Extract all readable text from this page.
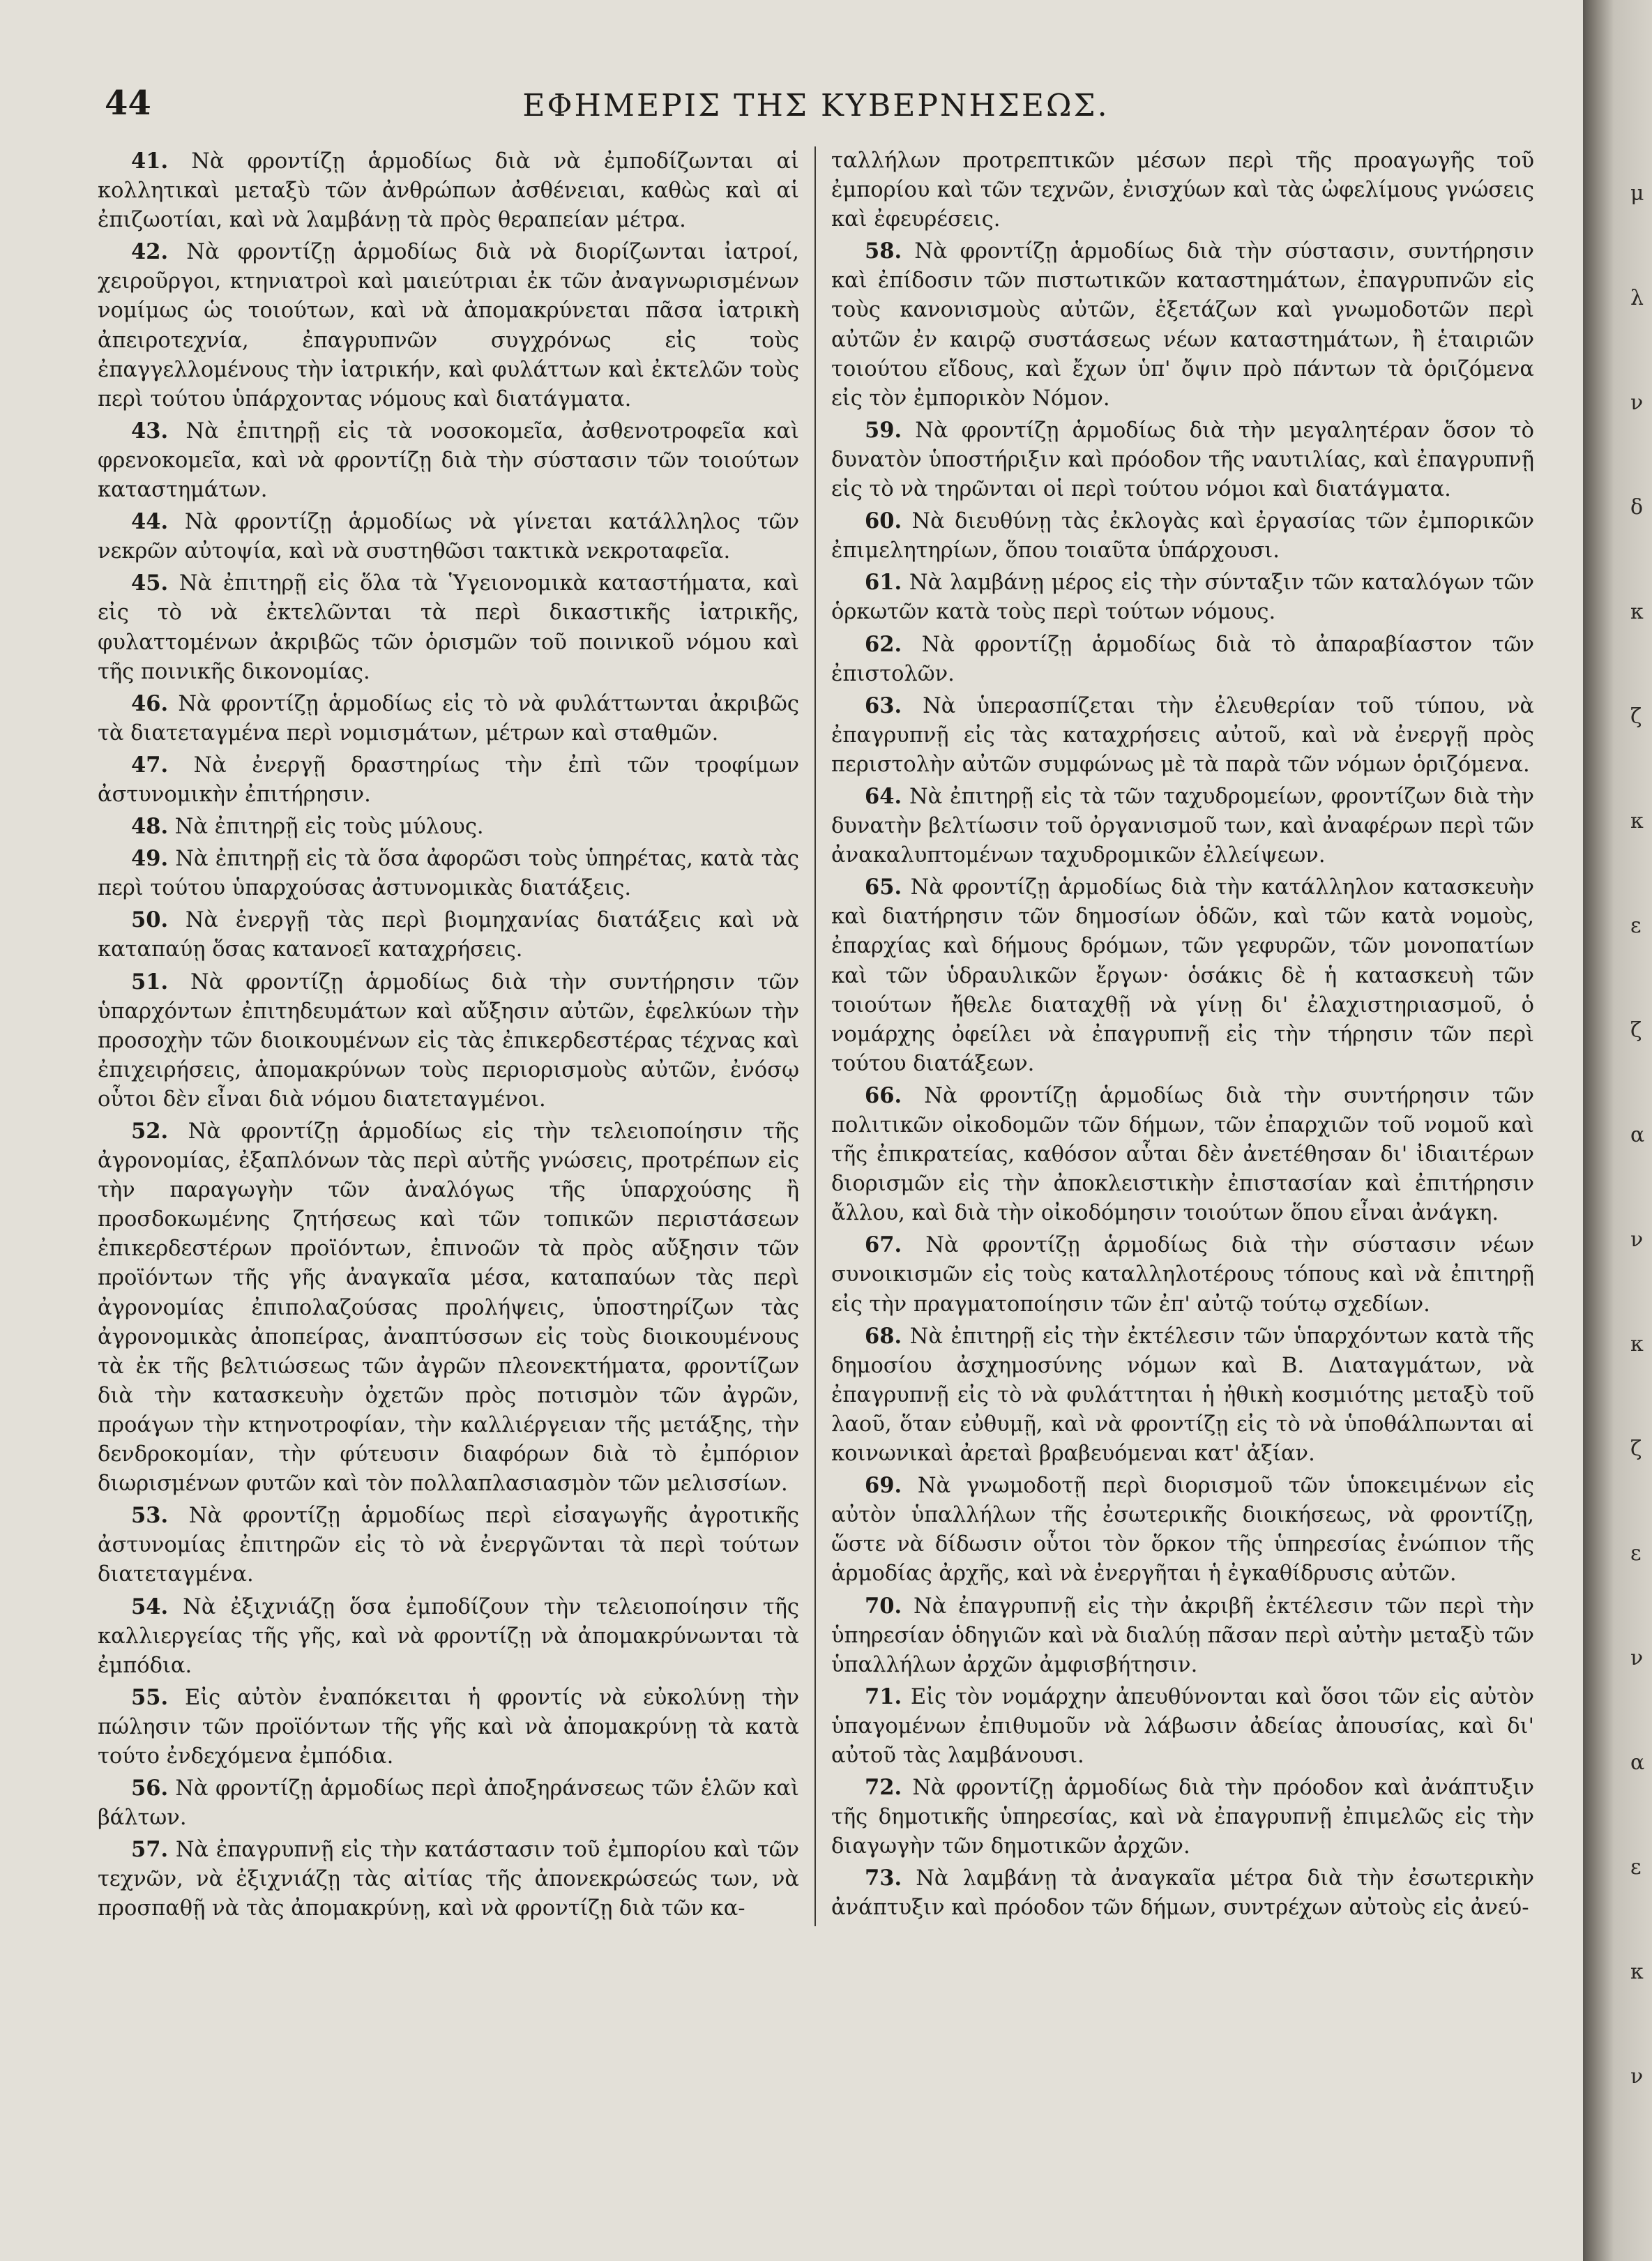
44	ΕΦΗΜΕΡΙΣ ΤΗΣ ΚΥΒΕΡΝΗΣΕΩΣ.

41. Νὰ φροντίζῃ ἁρμοδίως διὰ νὰ ἐμποδίζωνται αἱ κολλητικαὶ μεταξὺ τῶν ἀνθρώπων ἀσθένειαι, καθὼς καὶ αἱ ἐπιζωοτίαι, καὶ νὰ λαμβάνῃ τὰ πρὸς θεραπείαν μέτρα.

42. Νὰ φροντίζῃ ἁρμοδίως διὰ νὰ διορίζωνται ἰατροί, χειροῦργοι, κτηνιατροὶ καὶ μαιεύτριαι ἐκ τῶν ἀναγνωρισμένων νομίμως ὡς τοιούτων, καὶ νὰ ἀπομακρύνεται πᾶσα ἰατρικὴ ἀπειροτεχνία, ἐπαγρυπνῶν συγχρόνως εἰς τοὺς ἐπαγγελλομένους τὴν ἰατρικήν, καὶ φυλάττων καὶ ἐκτελῶν τοὺς περὶ τούτου ὑπάρχοντας νόμους καὶ διατάγματα.

43. Νὰ ἐπιτηρῇ εἰς τὰ νοσοκομεῖα, ἀσθενοτροφεῖα καὶ φρενοκομεῖα, καὶ νὰ φροντίζῃ διὰ τὴν σύστασιν τῶν τοιούτων καταστημάτων.

44. Νὰ φροντίζῃ ἁρμοδίως νὰ γίνεται κατάλληλος τῶν νεκρῶν αὐτοψία, καὶ νὰ συστηθῶσι τακτικὰ νεκροταφεῖα.

45. Νὰ ἐπιτηρῇ εἰς ὅλα τὰ Ὑγειονομικὰ καταστήματα, καὶ εἰς τὸ νὰ ἐκτελῶνται τὰ περὶ δικαστικῆς ἰατρικῆς, φυλαττομένων ἀκριβῶς τῶν ὁρισμῶν τοῦ ποινικοῦ νόμου καὶ τῆς ποινικῆς δικονομίας.

46. Νὰ φροντίζῃ ἁρμοδίως εἰς τὸ νὰ φυλάττωνται ἀκριβῶς τὰ διατεταγμένα περὶ νομισμάτων, μέτρων καὶ σταθμῶν.

47. Νὰ ἐνεργῇ δραστηρίως τὴν ἐπὶ τῶν τροφίμων ἀστυνομικὴν ἐπιτήρησιν.

48. Νὰ ἐπιτηρῇ εἰς τοὺς μύλους.

49. Νὰ ἐπιτηρῇ εἰς τὰ ὅσα ἀφορῶσι τοὺς ὑπηρέτας, κατὰ τὰς περὶ τούτου ὑπαρχούσας ἀστυνομικὰς διατάξεις.

50. Νὰ ἐνεργῇ τὰς περὶ βιομηχανίας διατάξεις καὶ νὰ καταπαύῃ ὅσας κατανοεῖ καταχρήσεις.

51. Νὰ φροντίζῃ ἁρμοδίως διὰ τὴν συντήρησιν τῶν ὑπαρχόντων ἐπιτηδευμάτων καὶ αὔξησιν αὐτῶν, ἑφελκύων τὴν προσοχὴν τῶν διοικουμένων εἰς τὰς ἐπικερδεστέρας τέχνας καὶ ἐπιχειρήσεις, ἀπομακρύνων τοὺς περιορισμοὺς αὐτῶν, ἐνόσῳ οὗτοι δὲν εἶναι διὰ νόμου διατεταγμένοι.

52. Νὰ φροντίζῃ ἁρμοδίως εἰς τὴν τελειοποίησιν τῆς ἀγρονομίας, ἐξαπλόνων τὰς περὶ αὐτῆς γνώσεις, προτρέπων εἰς τὴν παραγωγὴν τῶν ἀναλόγως τῆς ὑπαρχούσης ἢ προσδοκωμένης ζητήσεως καὶ τῶν τοπικῶν περιστάσεων ἐπικερδεστέρων προϊόντων, ἐπινοῶν τὰ πρὸς αὔξησιν τῶν προϊόντων τῆς γῆς ἀναγκαῖα μέσα, καταπαύων τὰς περὶ ἀγρονομίας ἐπιπολαζούσας προλήψεις, ὑποστηρίζων τὰς ἀγρονομικὰς ἀποπείρας, ἀναπτύσσων εἰς τοὺς διοικουμένους τὰ ἐκ τῆς βελτιώσεως τῶν ἀγρῶν πλεονεκτήματα, φροντίζων διὰ τὴν κατασκευὴν ὀχετῶν πρὸς ποτισμὸν τῶν ἀγρῶν, προάγων τὴν κτηνοτροφίαν, τὴν καλλιέργειαν τῆς μετάξης, τὴν δενδροκομίαν, τὴν φύτευσιν διαφόρων διὰ τὸ ἐμπόριον διωρισμένων φυτῶν καὶ τὸν πολλαπλασιασμὸν τῶν μελισσίων.

53. Νὰ φροντίζῃ ἁρμοδίως περὶ εἰσαγωγῆς ἀγροτικῆς ἀστυνομίας ἐπιτηρῶν εἰς τὸ νὰ ἐνεργῶνται τὰ περὶ τούτων διατεταγμένα.

54. Νὰ ἐξιχνιάζῃ ὅσα ἐμποδίζουν τὴν τελειοποίησιν τῆς καλλιεργείας τῆς γῆς, καὶ νὰ φροντίζῃ νὰ ἀπομακρύνωνται τὰ ἐμπόδια.

55. Εἰς αὐτὸν ἐναπόκειται ἡ φροντίς νὰ εὐκολύνῃ τὴν πώλησιν τῶν προϊόντων τῆς γῆς καὶ νὰ ἀπομακρύνῃ τὰ κατὰ τούτο ἐνδεχόμενα ἐμπόδια.

56. Νὰ φροντίζῃ ἁρμοδίως περὶ ἀποξηράνσεως τῶν ἑλῶν καὶ βάλτων.

57. Νὰ ἐπαγρυπνῇ εἰς τὴν κατάστασιν τοῦ ἐμπορίου καὶ τῶν τεχνῶν, νὰ ἐξιχνιάζῃ τὰς αἰτίας τῆς ἀπονεκρώσεώς των, νὰ προσπαθῇ νὰ τὰς ἀπομακρύνῃ, καὶ νὰ φροντίζῃ διὰ τῶν κα-

ταλλήλων προτρεπτικῶν μέσων περὶ τῆς προαγωγῆς τοῦ ἐμπορίου καὶ τῶν τεχνῶν, ἐνισχύων καὶ τὰς ὠφελίμους γνώσεις καὶ ἐφευρέσεις.

58. Νὰ φροντίζῃ ἁρμοδίως διὰ τὴν σύστασιν, συντήρησιν καὶ ἐπίδοσιν τῶν πιστωτικῶν καταστημάτων, ἐπαγρυπνῶν εἰς τοὺς κανονισμοὺς αὐτῶν, ἐξετάζων καὶ γνωμοδοτῶν περὶ αὐτῶν ἐν καιρῷ συστάσεως νέων καταστημάτων, ἢ ἑταιριῶν τοιούτου εἴδους, καὶ ἔχων ὑπ' ὄψιν πρὸ πάντων τὰ ὁριζόμενα εἰς τὸν ἐμπορικὸν Νόμον.

59. Νὰ φροντίζῃ ἁρμοδίως διὰ τὴν μεγαλητέραν ὅσον τὸ δυνατὸν ὑποστήριξιν καὶ πρόοδον τῆς ναυτιλίας, καὶ ἐπαγρυπνῇ εἰς τὸ νὰ τηρῶνται οἱ περὶ τούτου νόμοι καὶ διατάγματα.

60. Νὰ διευθύνῃ τὰς ἐκλογὰς καὶ ἐργασίας τῶν ἐμπορικῶν ἐπιμελητηρίων, ὅπου τοιαῦτα ὑπάρχουσι.

61. Νὰ λαμβάνῃ μέρος εἰς τὴν σύνταξιν τῶν καταλόγων τῶν ὁρκωτῶν κατὰ τοὺς περὶ τούτων νόμους.

62. Νὰ φροντίζῃ ἁρμοδίως διὰ τὸ ἀπαραβίαστον τῶν ἐπιστολῶν.

63. Νὰ ὑπερασπίζεται τὴν ἐλευθερίαν τοῦ τύπου, νὰ ἐπαγρυπνῇ εἰς τὰς καταχρήσεις αὐτοῦ, καὶ νὰ ἐνεργῇ πρὸς περιστολὴν αὐτῶν συμφώνως μὲ τὰ παρὰ τῶν νόμων ὁριζόμενα.

64. Νὰ ἐπιτηρῇ εἰς τὰ τῶν ταχυδρομείων, φροντίζων διὰ τὴν δυνατὴν βελτίωσιν τοῦ ὀργανισμοῦ των, καὶ ἀναφέρων περὶ τῶν ἀνακαλυπτομένων ταχυδρομικῶν ἐλλείψεων.

65. Νὰ φροντίζῃ ἁρμοδίως διὰ τὴν κατάλληλον κατασκευὴν καὶ διατήρησιν τῶν δημοσίων ὁδῶν, καὶ τῶν κατὰ νομοὺς, ἐπαρχίας καὶ δήμους δρόμων, τῶν γεφυρῶν, τῶν μονοπατίων καὶ τῶν ὑδραυλικῶν ἔργων· ὁσάκις δὲ ἡ κατασκευὴ τῶν τοιούτων ἤθελε διαταχθῇ νὰ γίνῃ δι' ἐλαχιστηριασμοῦ, ὁ νομάρχης ὀφείλει νὰ ἐπαγρυπνῇ εἰς τὴν τήρησιν τῶν περὶ τούτου διατάξεων.

66. Νὰ φροντίζῃ ἁρμοδίως διὰ τὴν συντήρησιν τῶν πολιτικῶν οἰκοδομῶν τῶν δήμων, τῶν ἐπαρχιῶν τοῦ νομοῦ καὶ τῆς ἐπικρατείας, καθόσον αὗται δὲν ἀνετέθησαν δι' ἰδιαιτέρων διορισμῶν εἰς τὴν ἀποκλειστικὴν ἐπιστασίαν καὶ ἐπιτήρησιν ἄλλου, καὶ διὰ τὴν οἰκοδόμησιν τοιούτων ὅπου εἶναι ἀνάγκη.

67. Νὰ φροντίζῃ ἁρμοδίως διὰ τὴν σύστασιν νέων συνοικισμῶν εἰς τοὺς καταλληλοτέρους τόπους καὶ νὰ ἐπιτηρῇ εἰς τὴν πραγματοποίησιν τῶν ἐπ' αὐτῷ τούτῳ σχεδίων.

68. Νὰ ἐπιτηρῇ εἰς τὴν ἐκτέλεσιν τῶν ὑπαρχόντων κατὰ τῆς δημοσίου ἀσχημοσύνης νόμων καὶ Β. Διαταγμάτων, νὰ ἐπαγρυπνῇ εἰς τὸ νὰ φυλάττηται ἡ ἠθικὴ κοσμιότης μεταξὺ τοῦ λαοῦ, ὅταν εὐθυμῇ, καὶ νὰ φροντίζῃ εἰς τὸ νὰ ὑποθάλπωνται αἱ κοινωνικαὶ ἀρεταὶ βραβευόμεναι κατ' ἀξίαν.

69. Νὰ γνωμοδοτῇ περὶ διορισμοῦ τῶν ὑποκειμένων εἰς αὐτὸν ὑπαλλήλων τῆς ἐσωτερικῆς διοικήσεως, νὰ φροντίζῃ, ὥστε νὰ δίδωσιν οὗτοι τὸν ὅρκον τῆς ὑπηρεσίας ἐνώπιον τῆς ἁρμοδίας ἀρχῆς, καὶ νὰ ἐνεργῆται ἡ ἐγκαθίδρυσις αὐτῶν.

70. Νὰ ἐπαγρυπνῇ εἰς τὴν ἀκριβῆ ἐκτέλεσιν τῶν περὶ τὴν ὑπηρεσίαν ὁδηγιῶν καὶ νὰ διαλύῃ πᾶσαν περὶ αὐτὴν μεταξὺ τῶν ὑπαλλήλων ἀρχῶν ἀμφισβήτησιν.

71. Εἰς τὸν νομάρχην ἀπευθύνονται καὶ ὅσοι τῶν εἰς αὐτὸν ὑπαγομένων ἐπιθυμοῦν νὰ λάβωσιν ἀδείας ἀπουσίας, καὶ δι' αὐτοῦ τὰς λαμβάνουσι.

72. Νὰ φροντίζῃ ἁρμοδίως διὰ τὴν πρόοδον καὶ ἀνάπτυξιν τῆς δημοτικῆς ὑπηρεσίας, καὶ νὰ ἐπαγρυπνῇ ἐπιμελῶς εἰς τὴν διαγωγὴν τῶν δημοτικῶν ἀρχῶν.

73. Νὰ λαμβάνῃ τὰ ἀναγκαῖα μέτρα διὰ τὴν ἐσωτερικὴν ἀνάπτυξιν καὶ πρόοδον τῶν δήμων, συντρέχων αὐτοὺς εἰς ἀνεύ-

μ
λ
ν
δ
κ
ζ
κ
ε
ζ
α
ν
κ
ζ
ε
ν
α
ε
κ
ν
